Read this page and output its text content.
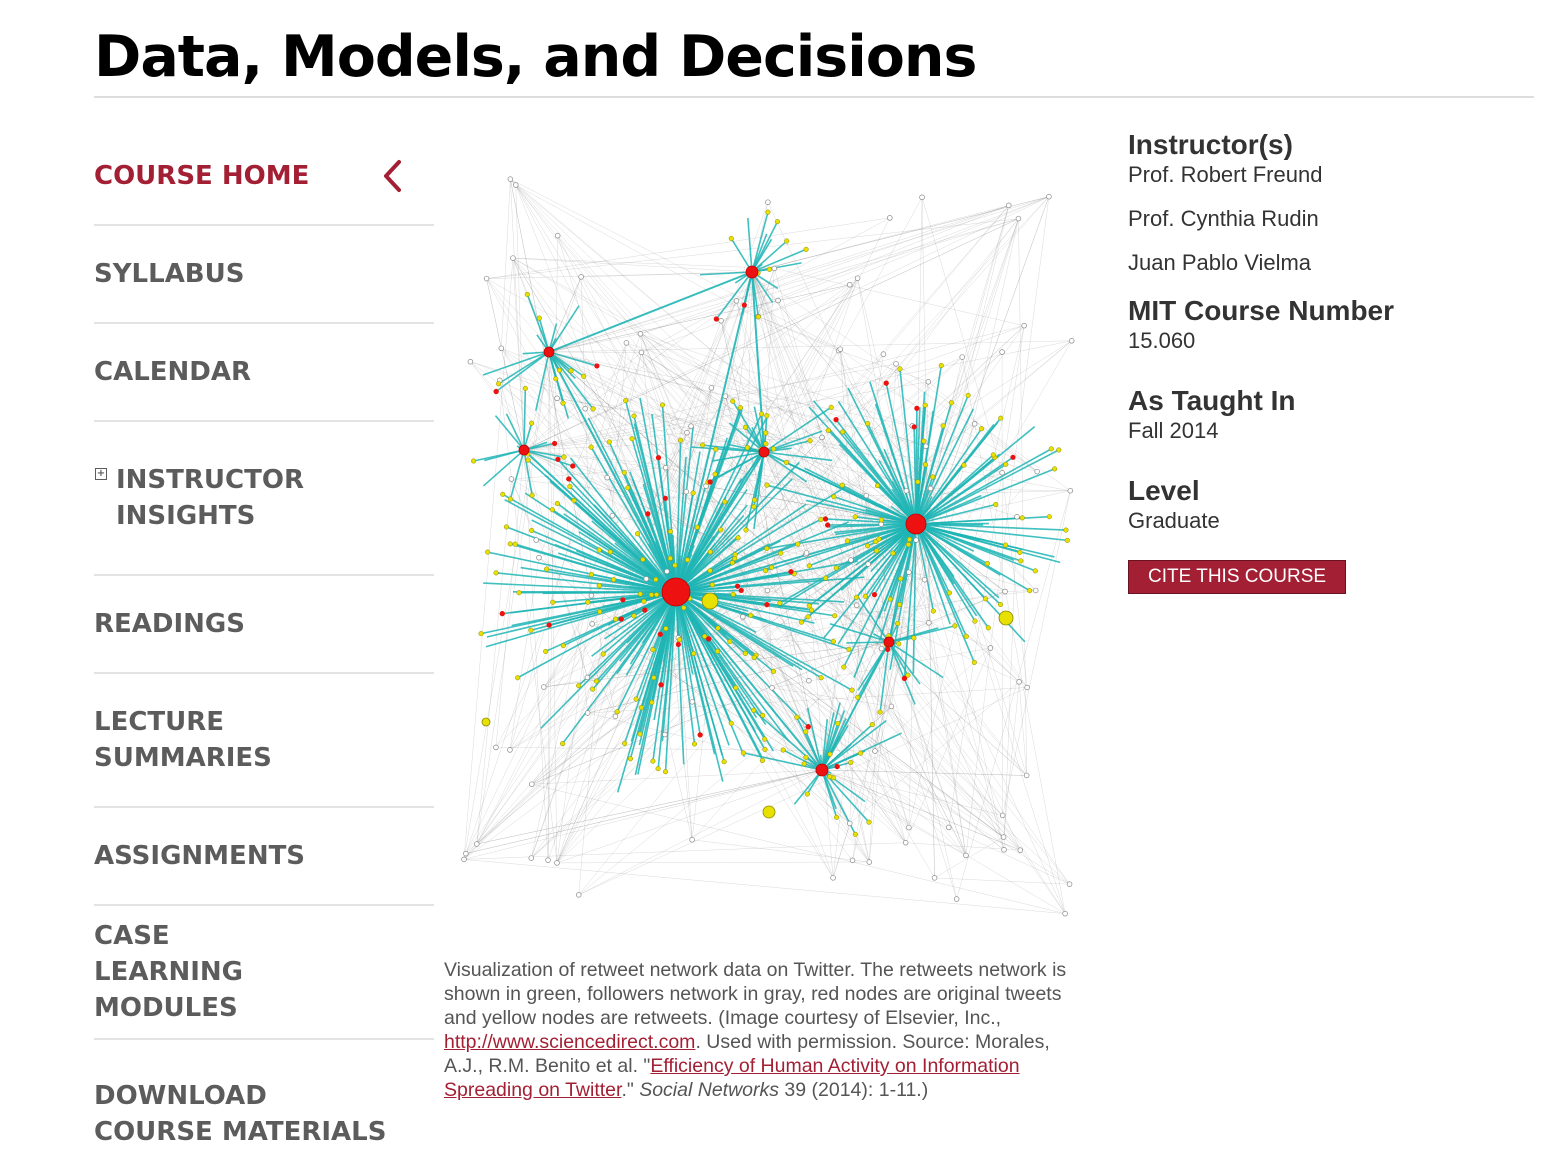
Data, Models, and Decisions
COURSE HOME
SYLLABUS
CALENDAR
+ INSTRUCTOR INSIGHTS
READINGS
LECTURE SUMMARIES
ASSIGNMENTS
CASE LEARNING MODULES
DOWNLOAD COURSE MATERIALS
Visualization of retweet network data on Twitter. The retweets network is shown in green, followers network in gray, red nodes are original tweets and yellow nodes are retweets. (Image courtesy of Elsevier, Inc., http://www.sciencedirect.com. Used with permission. Source: Morales, A.J., R.M. Benito et al. "Efficiency of Human Activity on Information Spreading on Twitter." Social Networks 39 (2014): 1-11.)
Instructor(s)

Prof. Robert Freund

Prof. Cynthia Rudin

Juan Pablo Vielma

MIT Course Number

15.060

As Taught In

Fall 2014

Level

Graduate

CITE THIS COURSE
